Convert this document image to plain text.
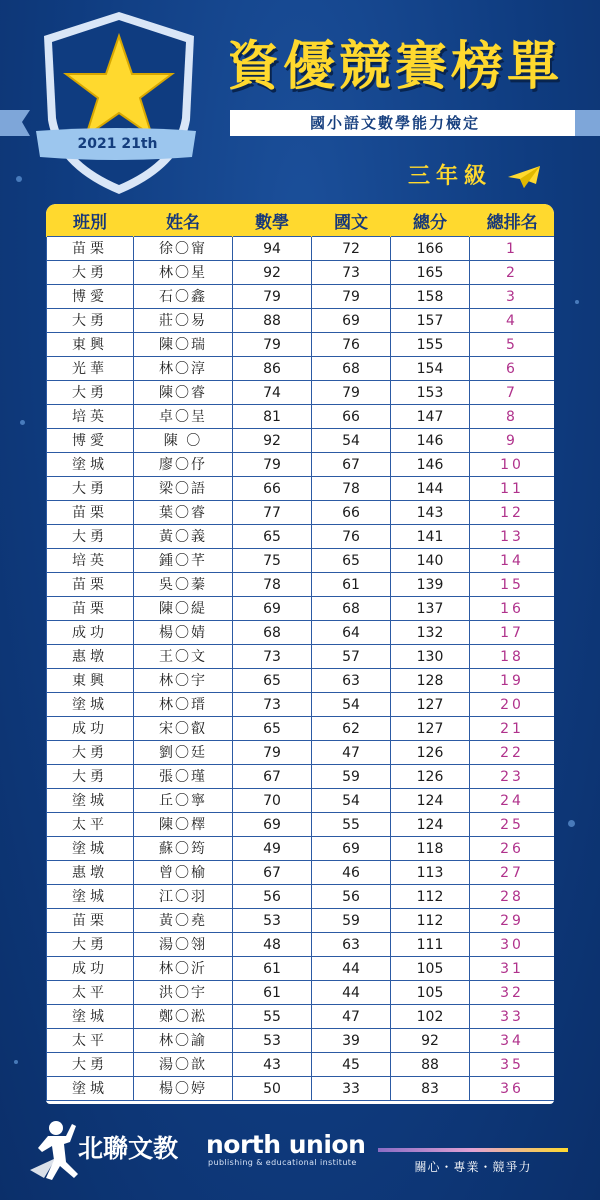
2021 21th
資優競賽榜單
國小語文數學能力檢定
三年級
班別	姓名	數學	國文	總分	總排名
苗栗	徐〇甯	94	72	166	1
大勇	林〇星	92	73	165	2
博愛	石〇鑫	79	79	158	3
大勇	莊〇易	88	69	157	4
東興	陳〇瑞	79	76	155	5
光華	林〇淳	86	68	154	6
大勇	陳〇睿	74	79	153	7
培英	卓〇呈	81	66	147	8
博愛	陳 〇	92	54	146	9
塗城	廖〇伃	79	67	146	10
大勇	梁〇語	66	78	144	11
苗栗	葉〇睿	77	66	143	12
大勇	黃〇義	65	76	141	13
培英	鍾〇芊	75	65	140	14
苗栗	吳〇蓁	78	61	139	15
苗栗	陳〇緹	69	68	137	16
成功	楊〇婧	68	64	132	17
惠墩	王〇文	73	57	130	18
東興	林〇宇	65	63	128	19
塗城	林〇瑨	73	54	127	20
成功	宋〇叡	65	62	127	21
大勇	劉〇廷	79	47	126	22
大勇	張〇瑾	67	59	126	23
塗城	丘〇寧	70	54	124	24
太平	陳〇檡	69	55	124	25
塗城	蘇〇筠	49	69	118	26
惠墩	曾〇榆	67	46	113	27
塗城	江〇羽	56	56	112	28
苗栗	黃〇堯	53	59	112	29
大勇	湯〇翎	48	63	111	30
成功	林〇沂	61	44	105	31
太平	洪〇宇	61	44	105	32
塗城	鄭〇淞	55	47	102	33
太平	林〇諭	53	39	92	34
大勇	湯〇歆	43	45	88	35
塗城	楊〇婷	50	33	83	36
北聯文教 north union
publishing & educational institute	關心・專業・競爭力
